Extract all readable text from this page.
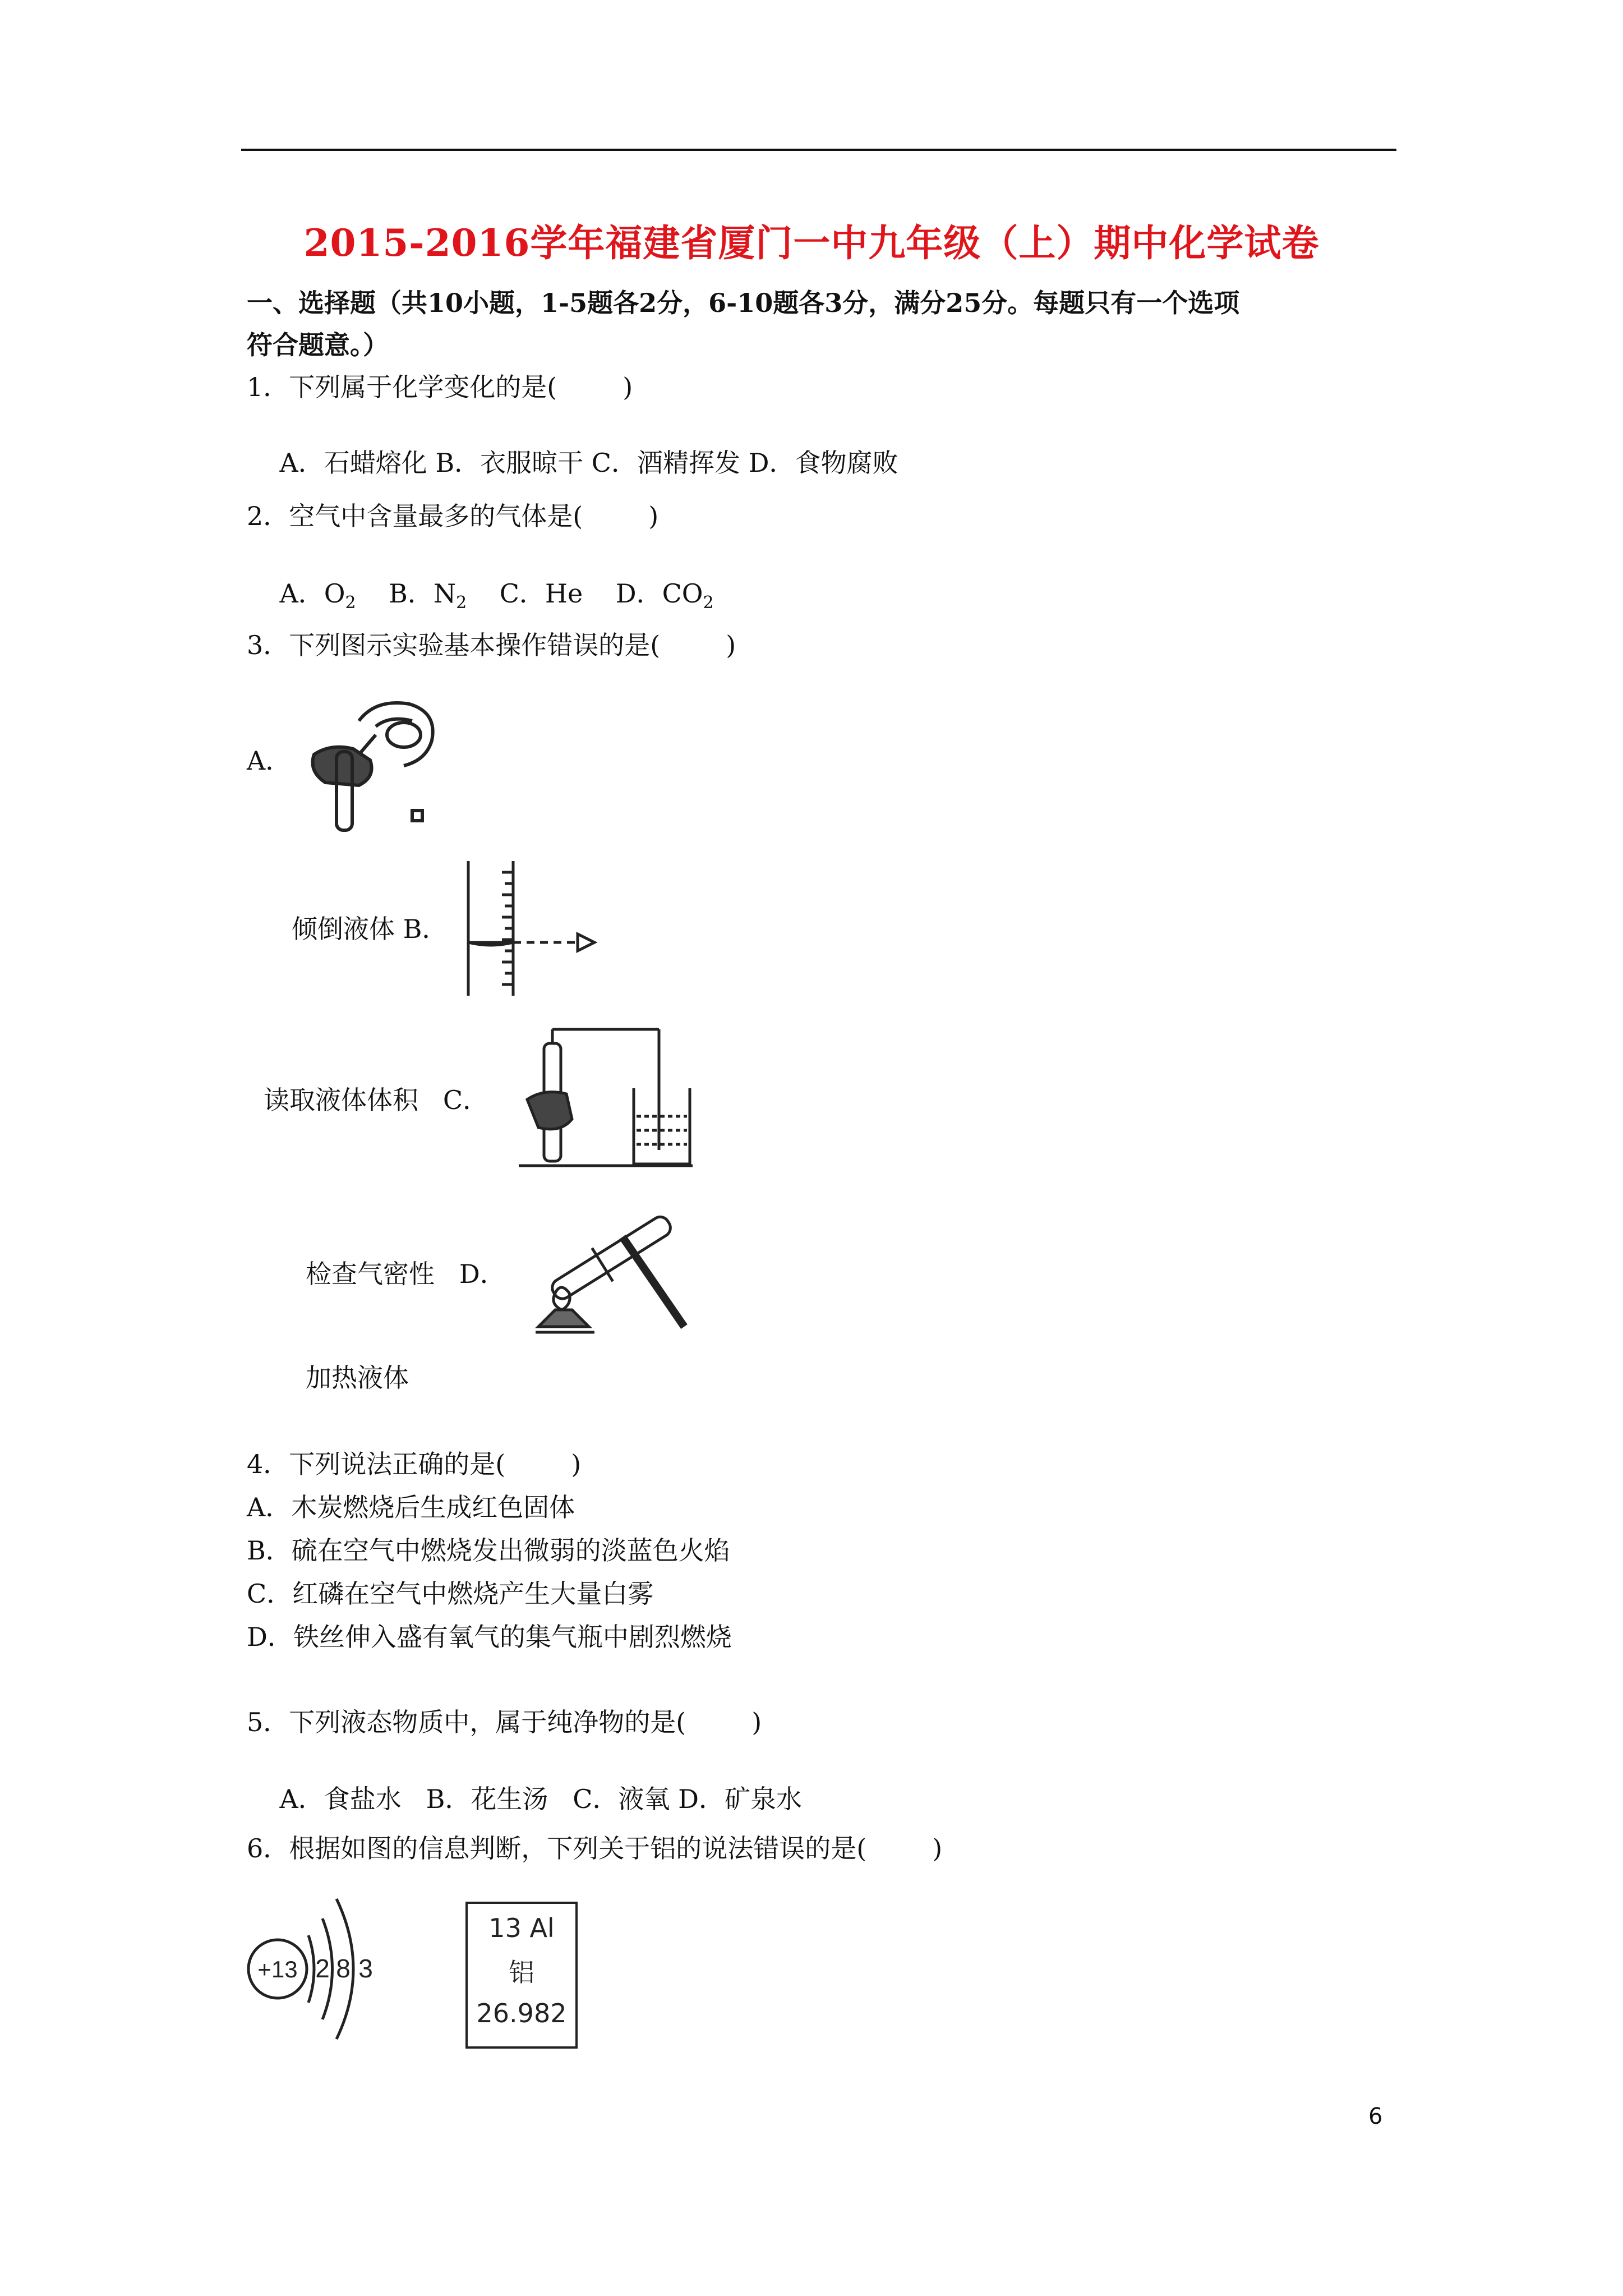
2015-2016学年福建省厦门一中九年级（上）期中化学试卷
一、选择题（共10小题，1-5题各2分，6-10题各3分，满分25分。每题只有一个选项
符合题意。）
1．下列属于化学变化的是(        )

A．石蜡熔化 B．衣服晾干 C．酒精挥发 D．食物腐败

2．空气中含量最多的气体是(        )

A．$O_2$ B．$N_2$ C．He D．$CO_2$

3．下列图示实验基本操作错误的是(        )
A．
倾倒液体 B．
读取液体体积 C．
检查气密性 D．
加热液体
4．下列说法正确的是(        )
A．木炭燃烧后生成红色固体
B．硫在空气中燃烧发出微弱的淡蓝色火焰
C．红磷在空气中燃烧产生大量白雾
D．铁丝伸入盛有氧气的集气瓶中剧烈燃烧
5．下列液态物质中，属于纯净物的是(        )

A．食盐水 B．花生汤 C．液氧 D．矿泉水

6．根据如图的信息判断，下列关于铝的说法错误的是(        )
+13 2 8 3
13 Al
铝
26.982
6
